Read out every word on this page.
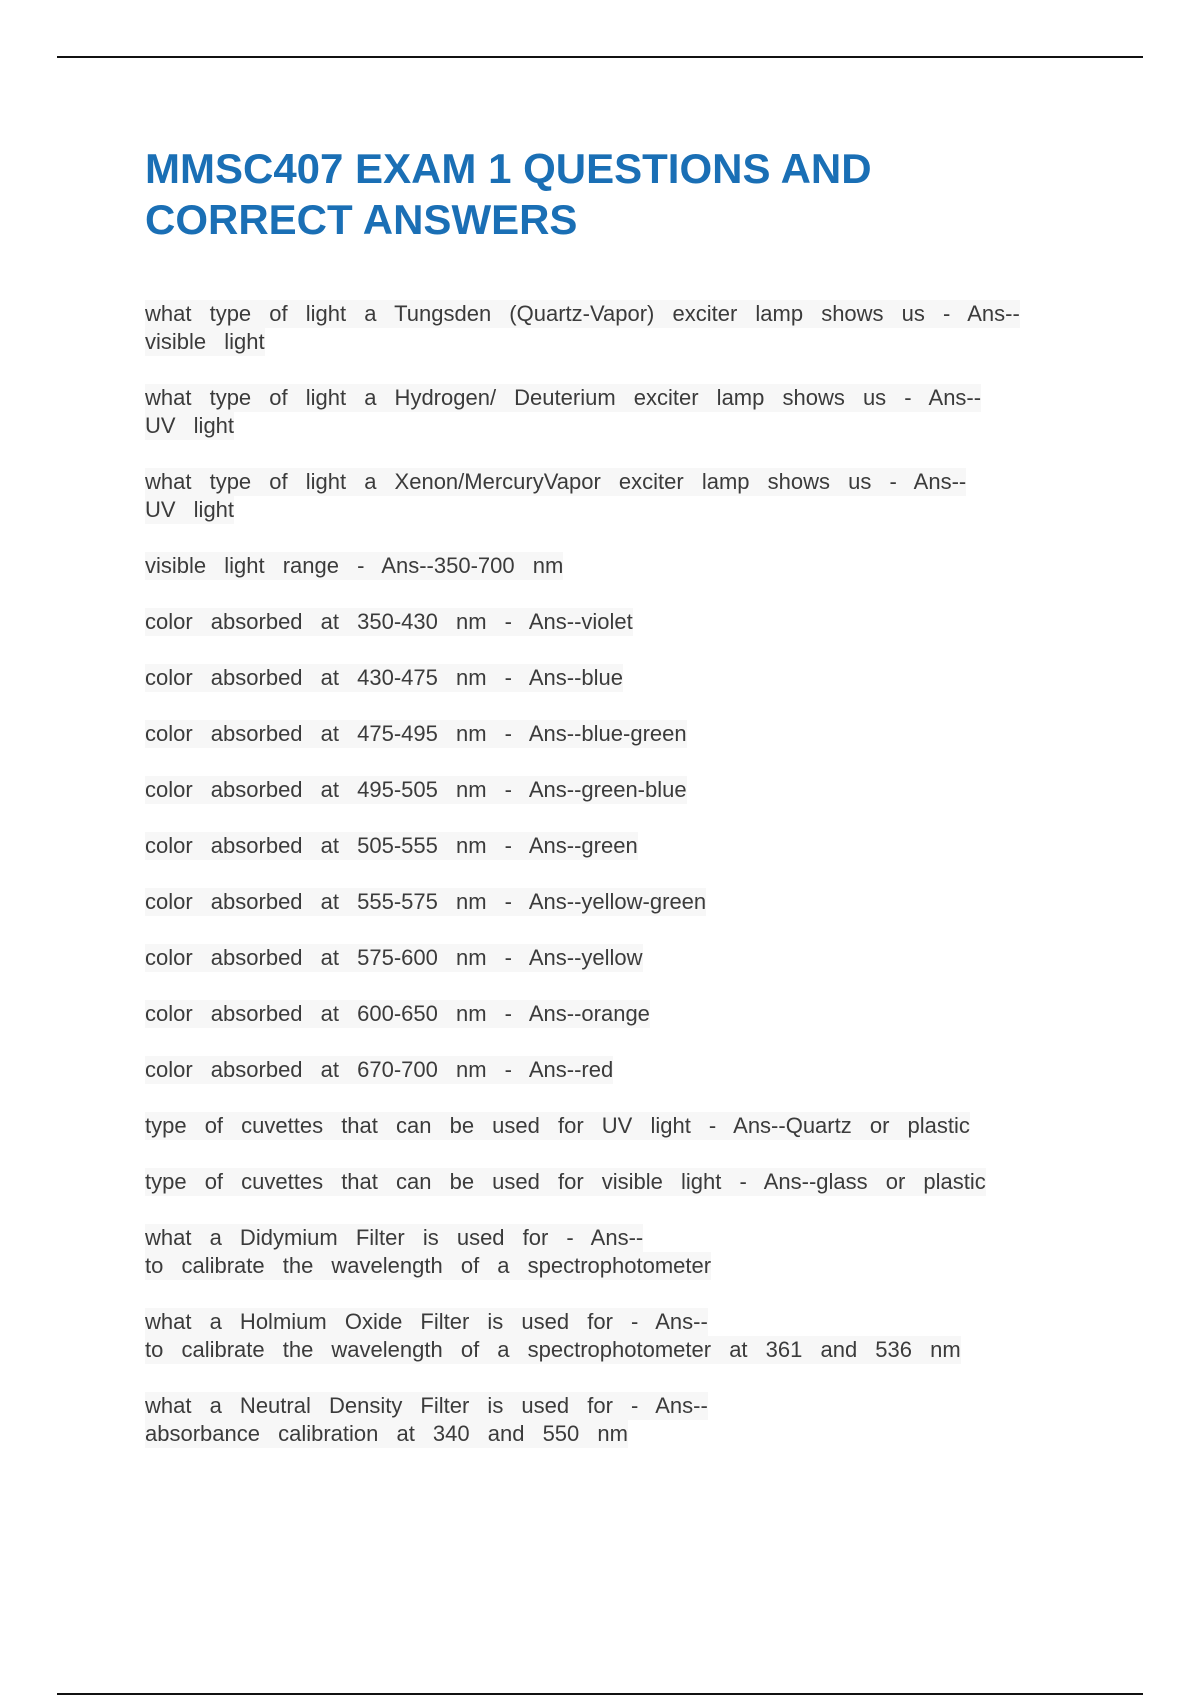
MMSC407 EXAM 1 QUESTIONS AND CORRECT ANSWERS
what type of light a Tungsden (Quartz-Vapor) exciter lamp shows us - Ans--
visible light
what type of light a Hydrogen/ Deuterium exciter lamp shows us - Ans--
UV light
what type of light a Xenon/MercuryVapor exciter lamp shows us - Ans--
UV light
visible light range - Ans--350-700 nm
color absorbed at 350-430 nm - Ans--violet
color absorbed at 430-475 nm - Ans--blue
color absorbed at 475-495 nm - Ans--blue-green
color absorbed at 495-505 nm - Ans--green-blue
color absorbed at 505-555 nm - Ans--green
color absorbed at 555-575 nm - Ans--yellow-green
color absorbed at 575-600 nm - Ans--yellow
color absorbed at 600-650 nm - Ans--orange
color absorbed at 670-700 nm - Ans--red
type of cuvettes that can be used for UV light - Ans--Quartz or plastic
type of cuvettes that can be used for visible light - Ans--glass or plastic
what a Didymium Filter is used for - Ans--
to calibrate the wavelength of a spectrophotometer
what a Holmium Oxide Filter is used for - Ans--
to calibrate the wavelength of a spectrophotometer at 361 and 536 nm
what a Neutral Density Filter is used for - Ans--
absorbance calibration at 340 and 550 nm
